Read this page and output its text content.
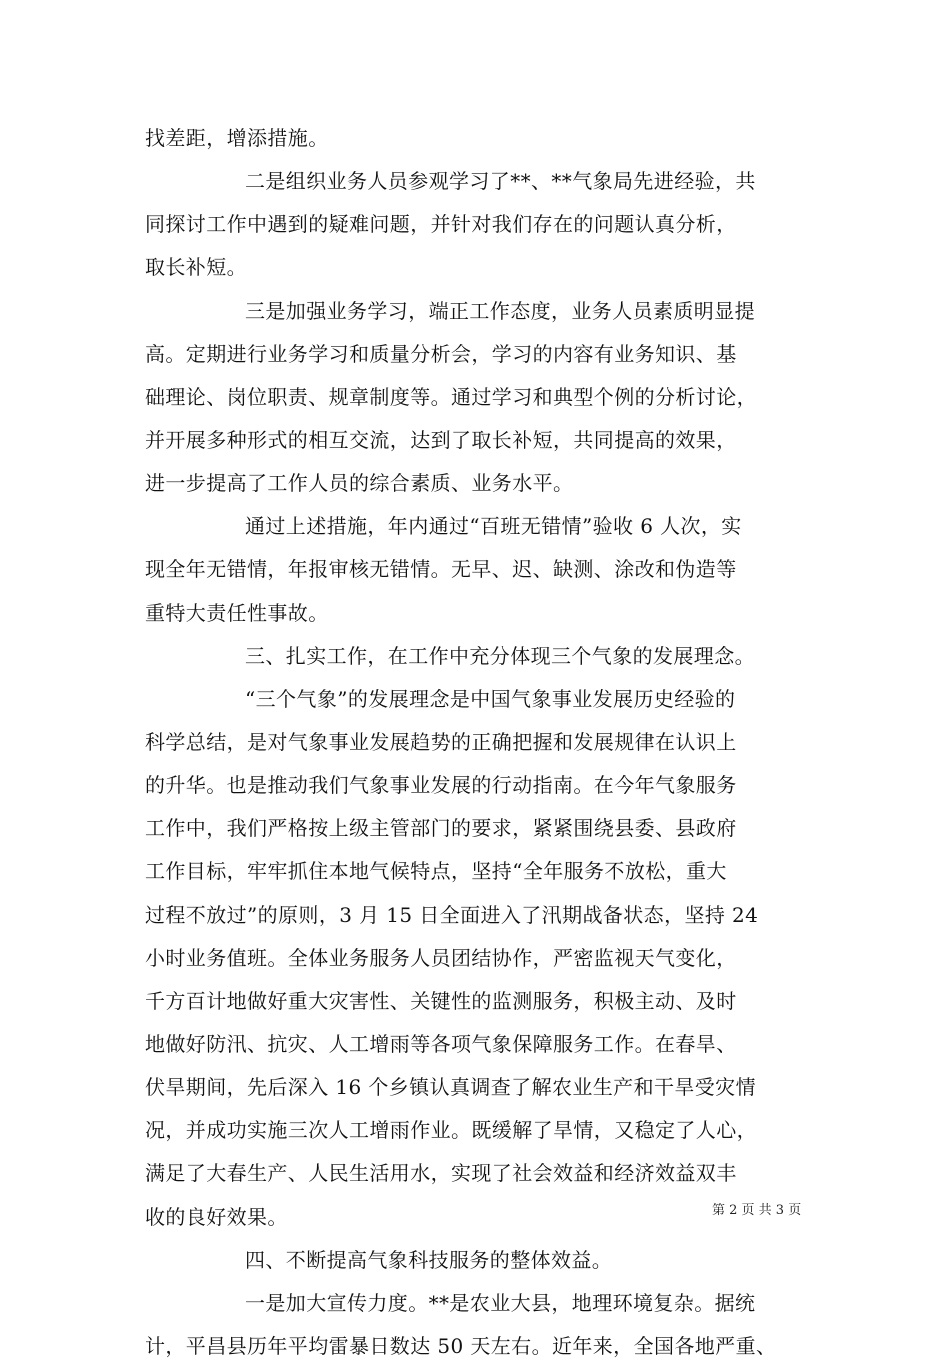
找差距，增添措施。
二是组织业务人员参观学习了**、**气象局先进经验，共
同探讨工作中遇到的疑难问题，并针对我们存在的问题认真分析，
取长补短。
三是加强业务学习，端正工作态度，业务人员素质明显提
高。定期进行业务学习和质量分析会，学习的内容有业务知识、基
础理论、岗位职责、规章制度等。通过学习和典型个例的分析讨论，
并开展多种形式的相互交流，达到了取长补短，共同提高的效果，
进一步提高了工作人员的综合素质、业务水平。
通过上述措施，年内通过“百班无错情”验收 6 人次，实
现全年无错情，年报审核无错情。无早、迟、缺测、涂改和伪造等
重特大责任性事故。
三、扎实工作，在工作中充分体现三个气象的发展理念。
“三个气象”的发展理念是中国气象事业发展历史经验的
科学总结，是对气象事业发展趋势的正确把握和发展规律在认识上
的升华。也是推动我们气象事业发展的行动指南。在今年气象服务
工作中，我们严格按上级主管部门的要求，紧紧围绕县委、县政府
工作目标，牢牢抓住本地气候特点，坚持“全年服务不放松，重大
过程不放过”的原则，3 月 15 日全面进入了汛期战备状态，坚持 24
小时业务值班。全体业务服务人员团结协作，严密监视天气变化，
千方百计地做好重大灾害性、关键性的监测服务，积极主动、及时
地做好防汛、抗灾、人工增雨等各项气象保障服务工作。在春旱、
伏旱期间，先后深入 16 个乡镇认真调查了解农业生产和干旱受灾情
况，并成功实施三次人工增雨作业。既缓解了旱情，又稳定了人心，
满足了大春生产、人民生活用水，实现了社会效益和经济效益双丰
收的良好效果。
四、不断提高气象科技服务的整体效益。
一是加大宣传力度。**是农业大县，地理环境复杂。据统
计，平昌县历年平均雷暴日数达 50 天左右。近年来，全国各地严重、
第 2 页 共 3 页
